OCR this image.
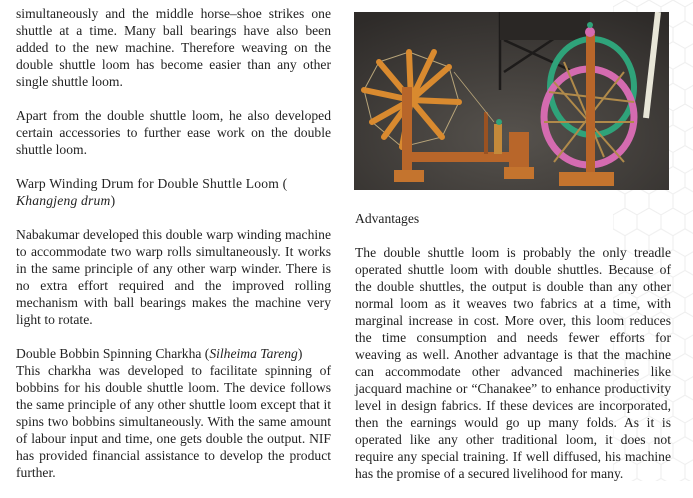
simultaneously and the middle horse–shoe strikes one shuttle at a time. Many ball bearings have also been added to the new machine. Therefore weaving on the double shuttle loom has become easier than any other single shuttle loom.

Apart from the double shuttle loom, he also developed certain accessories to further ease work on the double shuttle loom.

Warp Winding Drum for Double Shuttle Loom (
Khangjeng drum)

Nabakumar developed this double warp winding machine to accommodate two warp rolls simultaneously. It works in the same principle of any other warp winder. There is no extra effort required and the improved rolling mechanism with ball bearings makes the machine very light to rotate.

Double Bobbin Spinning Charkha (Silheima Tareng)

This charkha was developed to facilitate spinning of bobbins for his double shuttle loom. The device follows the same principle of any other shuttle loom except that it spins two bobbins simultaneously. With the same amount of labour input and time, one gets double the output. NIF has provided financial assistance to develop the product further.

Advantages

The double shuttle loom is probably the only treadle operated shuttle loom with double shuttles. Because of the double shuttles, the output is double than any other normal loom as it weaves two fabrics at a time, with marginal increase in cost. More over, this loom reduces the time consumption and needs fewer efforts for weaving as well. Another advantage is that the machine can accommodate other advanced machineries like jacquard machine or “Chanakee” to enhance productivity level in design fabrics. If these devices are incorporated, then the earnings would go up many folds. As it is operated like any other traditional loom, it does not require any special training. If well diffused, his machine has the promise of a secured livelihood for many.
